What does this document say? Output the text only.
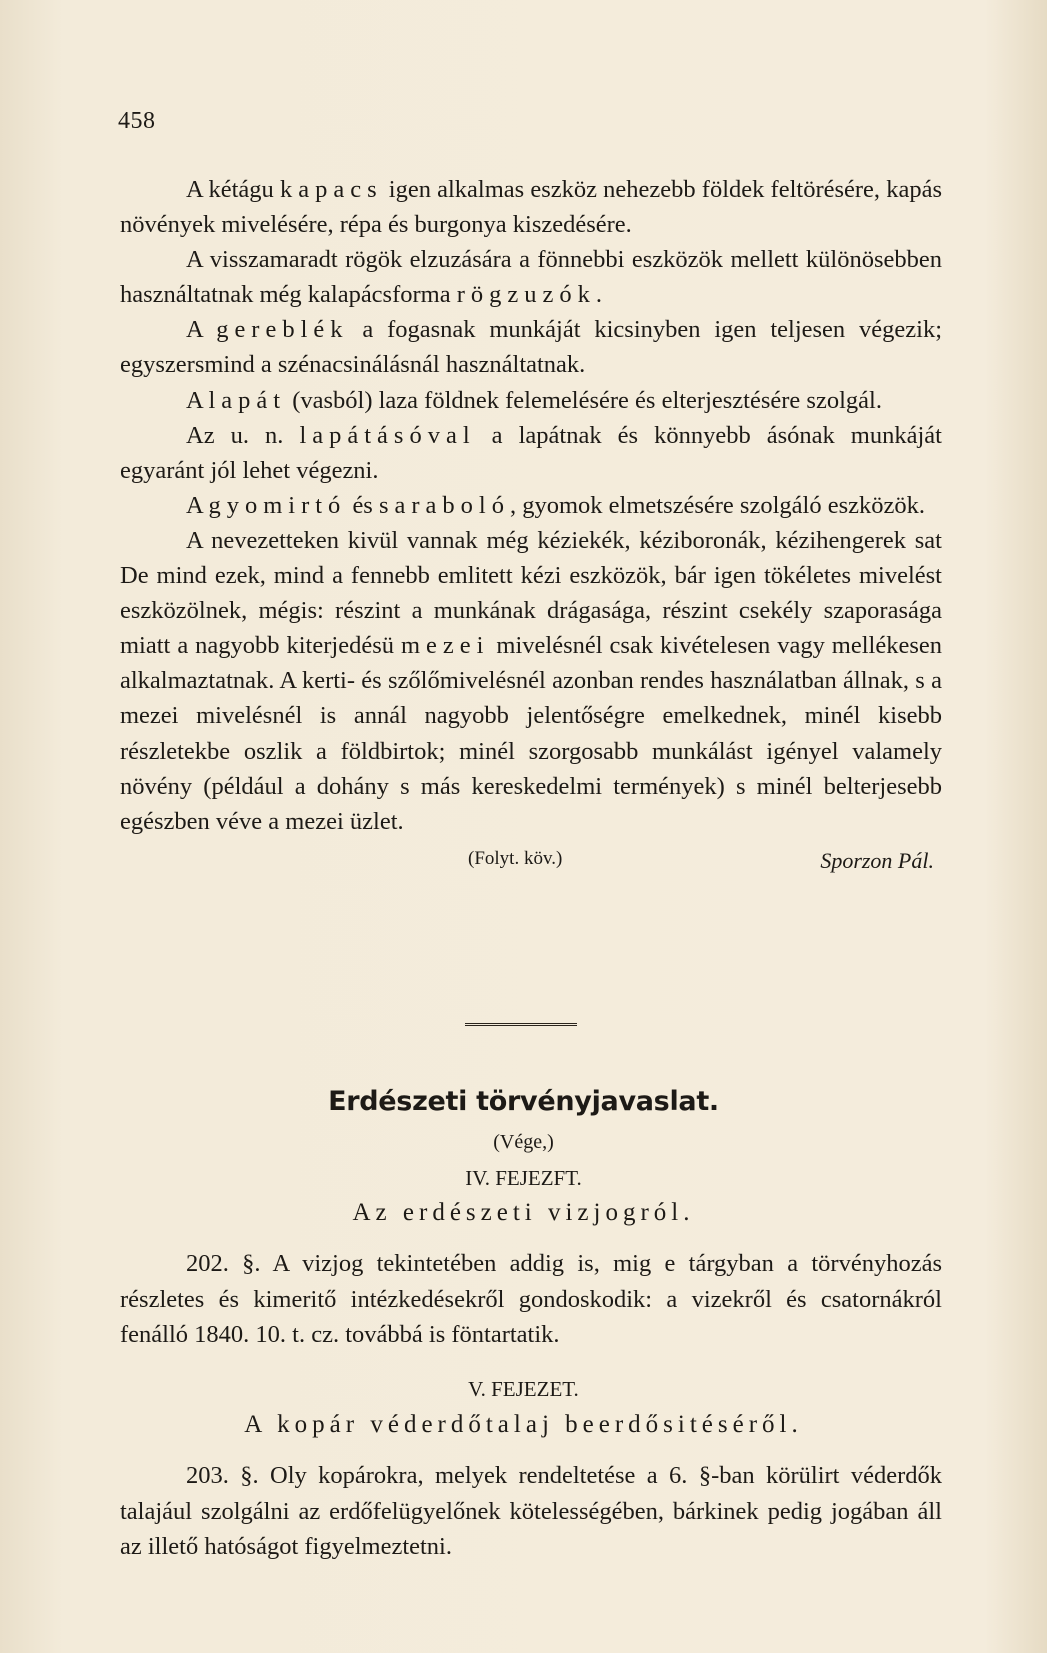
458

A kétágu kapacs igen alkalmas eszköz nehezebb földek feltörésére, kapás növények mivelésére, répa és burgonya kiszedésére.

A visszamaradt rögök elzuzására a fönnebbi eszközök mellett különösebben használtatnak még kalapácsforma rögzuzók.

A gereblék a fogasnak munkáját kicsinyben igen teljesen végezik; egyszersmind a szénacsinálásnál használtatnak.

A lapát (vasból) laza földnek felemelésére és elterjesztésére szolgál.

Az u. n. lapátásóval a lapátnak és könnyebb ásónak munkáját egyaránt jól lehet végezni.

A gyomirtó és saraboló, gyomok elmetszésére szolgáló eszközök.

A nevezetteken kivül vannak még kéziekék, kéziboronák, kézihengerek sat De mind ezek, mind a fennebb emlitett kézi eszközök, bár igen tökéletes mivelést eszközölnek, mégis: részint a munkának drágasága, részint csekély szaporasága miatt a nagyobb kiterjedésü mezei mivelésnél csak kivételesen vagy mellékesen alkalmaztatnak. A kerti- és szőlőmivelésnél azonban rendes használatban állnak, s a mezei mivelésnél is annál nagyobb jelentőségre emelkednek, minél kisebb részletekbe oszlik a földbirtok; minél szorgosabb munkálást igényel valamely növény (például a dohány s más kereskedelmi termények) s minél belterjesebb egészben véve a mezei üzlet.

(Folyt. köv.)	Sporzon Pál.
Erdészeti törvényjavaslat.
(Vége,)
IV. FEJEZFT.
Az erdészeti vizjogról.

202. §. A vizjog tekintetében addig is, mig e tárgyban a törvényhozás részletes és kimeritő intézkedésekről gondoskodik: a vizekről és csatornákról fenálló 1840. 10. t. cz. továbbá is föntartatik.

V. FEJEZET.
A kopár véderdőtalaj beerdősitéséről.

203. §. Oly kopárokra, melyek rendeltetése a 6. §-ban körülirt véderdők talajául szolgálni az erdőfelügyelőnek kötelességében, bárkinek pedig jogában áll az illető hatóságot figyelmeztetni.
